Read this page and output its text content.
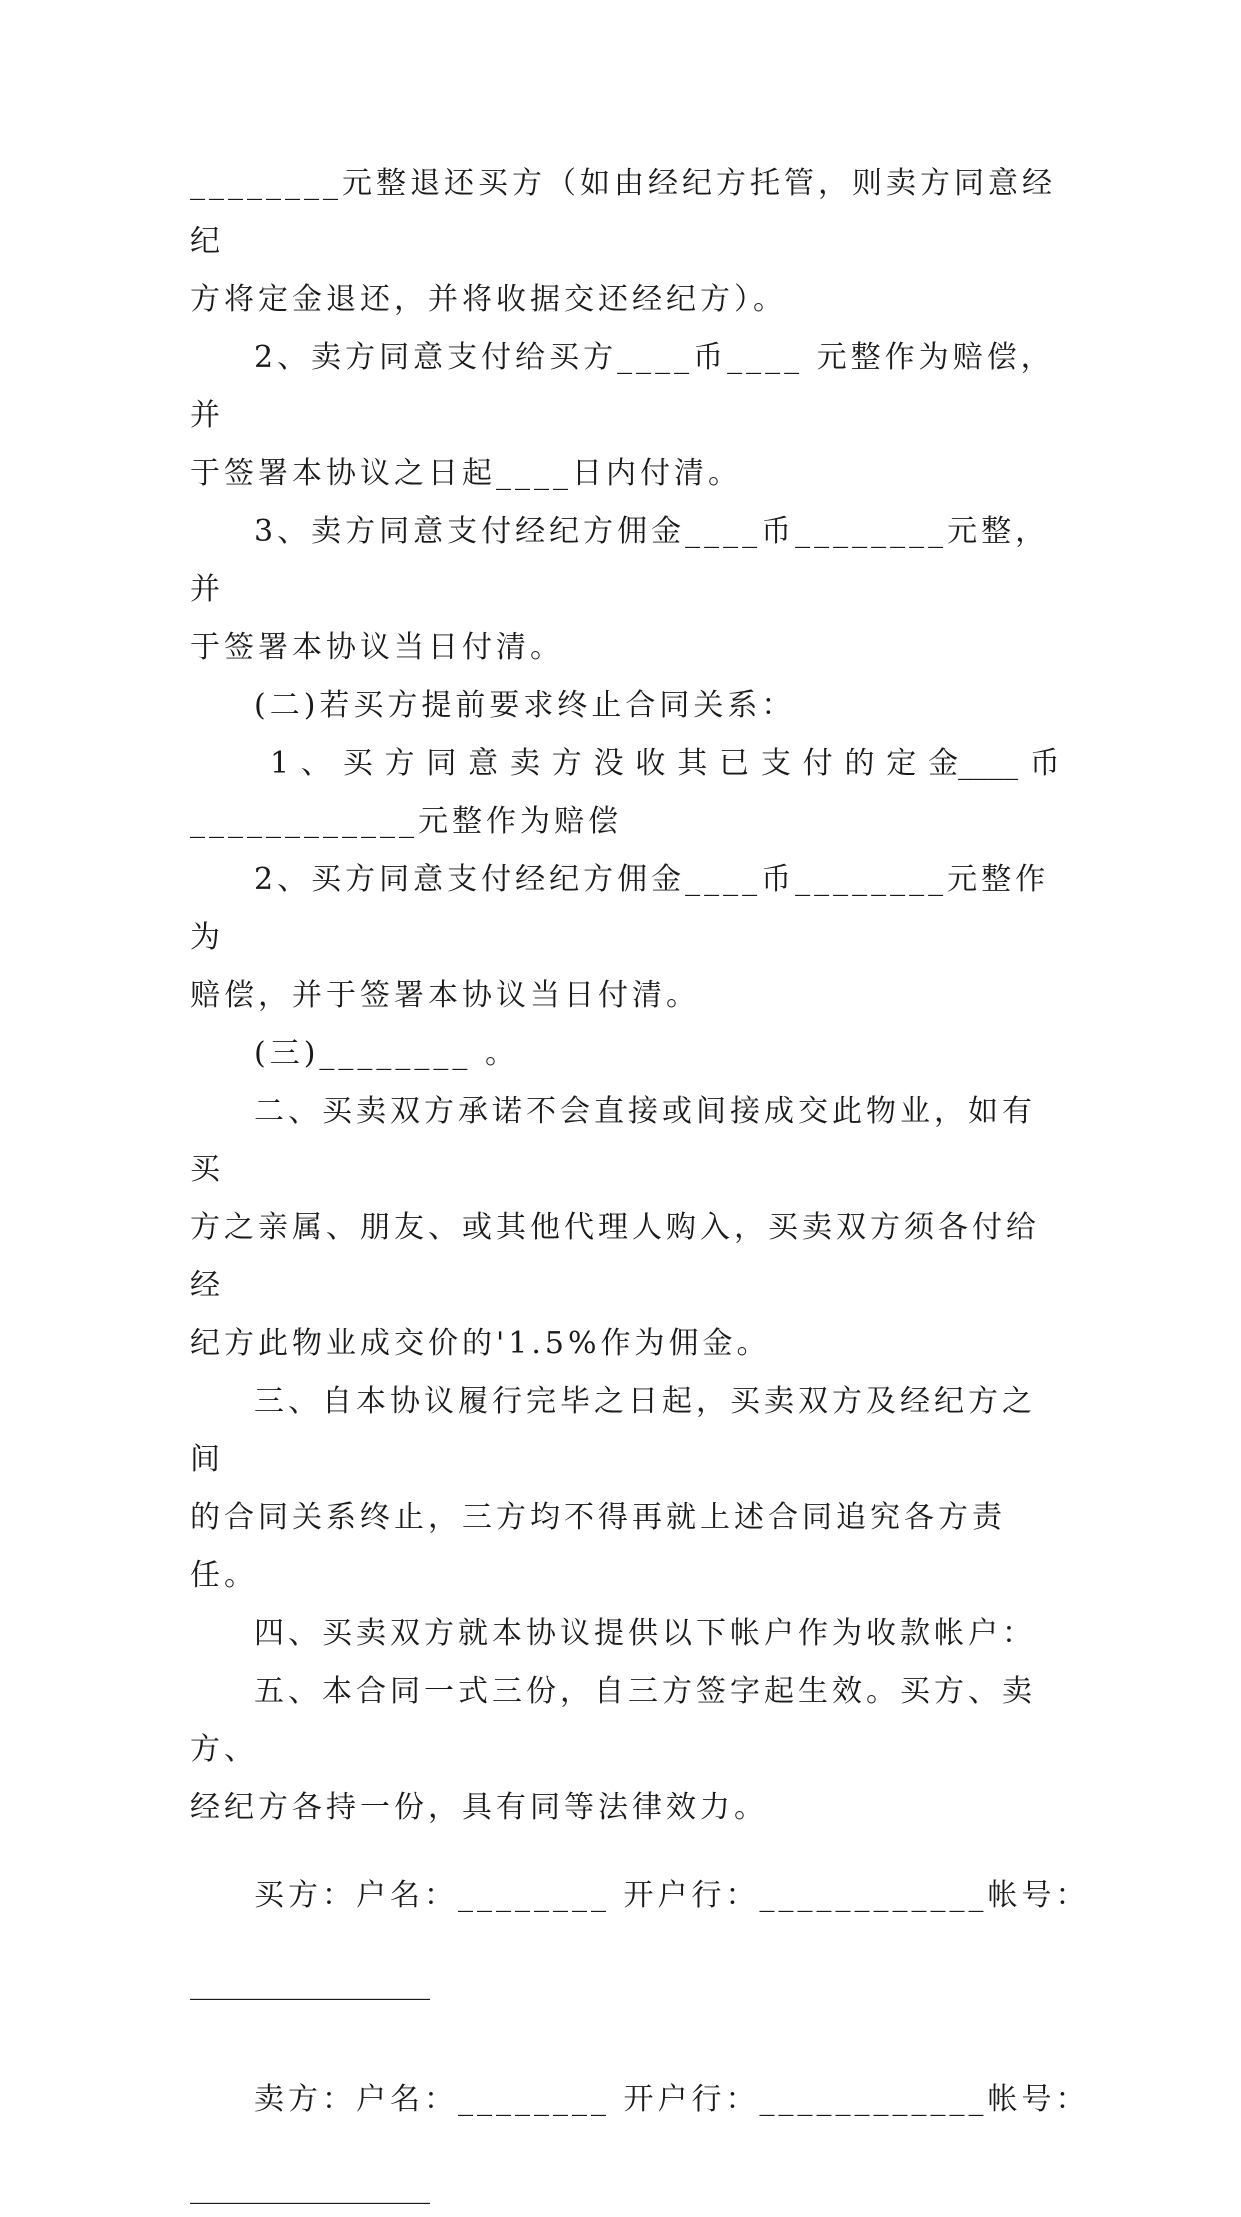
________元整退还买方（如由经纪方托管，则卖方同意经纪

方将定金退还，并将收据交还经纪方）。

2、卖方同意支付给买方____币____ 元整作为赔偿，并

于签署本协议之日起____日内付清。

3、卖方同意支付经纪方佣金____币________元整，并

于签署本协议当日付清。

(二)若买方提前要求终止合同关系：

1 、 买 方 同 意 卖 方 没 收 其 已 支 付 的 定 金____ 币

____________元整作为赔偿

2、买方同意支付经纪方佣金____币________元整作为

赔偿，并于签署本协议当日付清。

(三)________ 。

二、买卖双方承诺不会直接或间接成交此物业，如有买

方之亲属、朋友、或其他代理人购入，买卖双方须各付给经

纪方此物业成交价的'1.5%作为佣金。

三、自本协议履行完毕之日起，买卖双方及经纪方之间

的合同关系终止，三方均不得再就上述合同追究各方责任。

四、买卖双方就本协议提供以下帐户作为收款帐户：

五、本合同一式三份，自三方签字起生效。买方、卖方、

经纪方各持一份，具有同等法律效力。

买方：户名：________ 开户行：____________帐号：

________________

卖方：户名：________ 开户行：____________帐号：

________________
